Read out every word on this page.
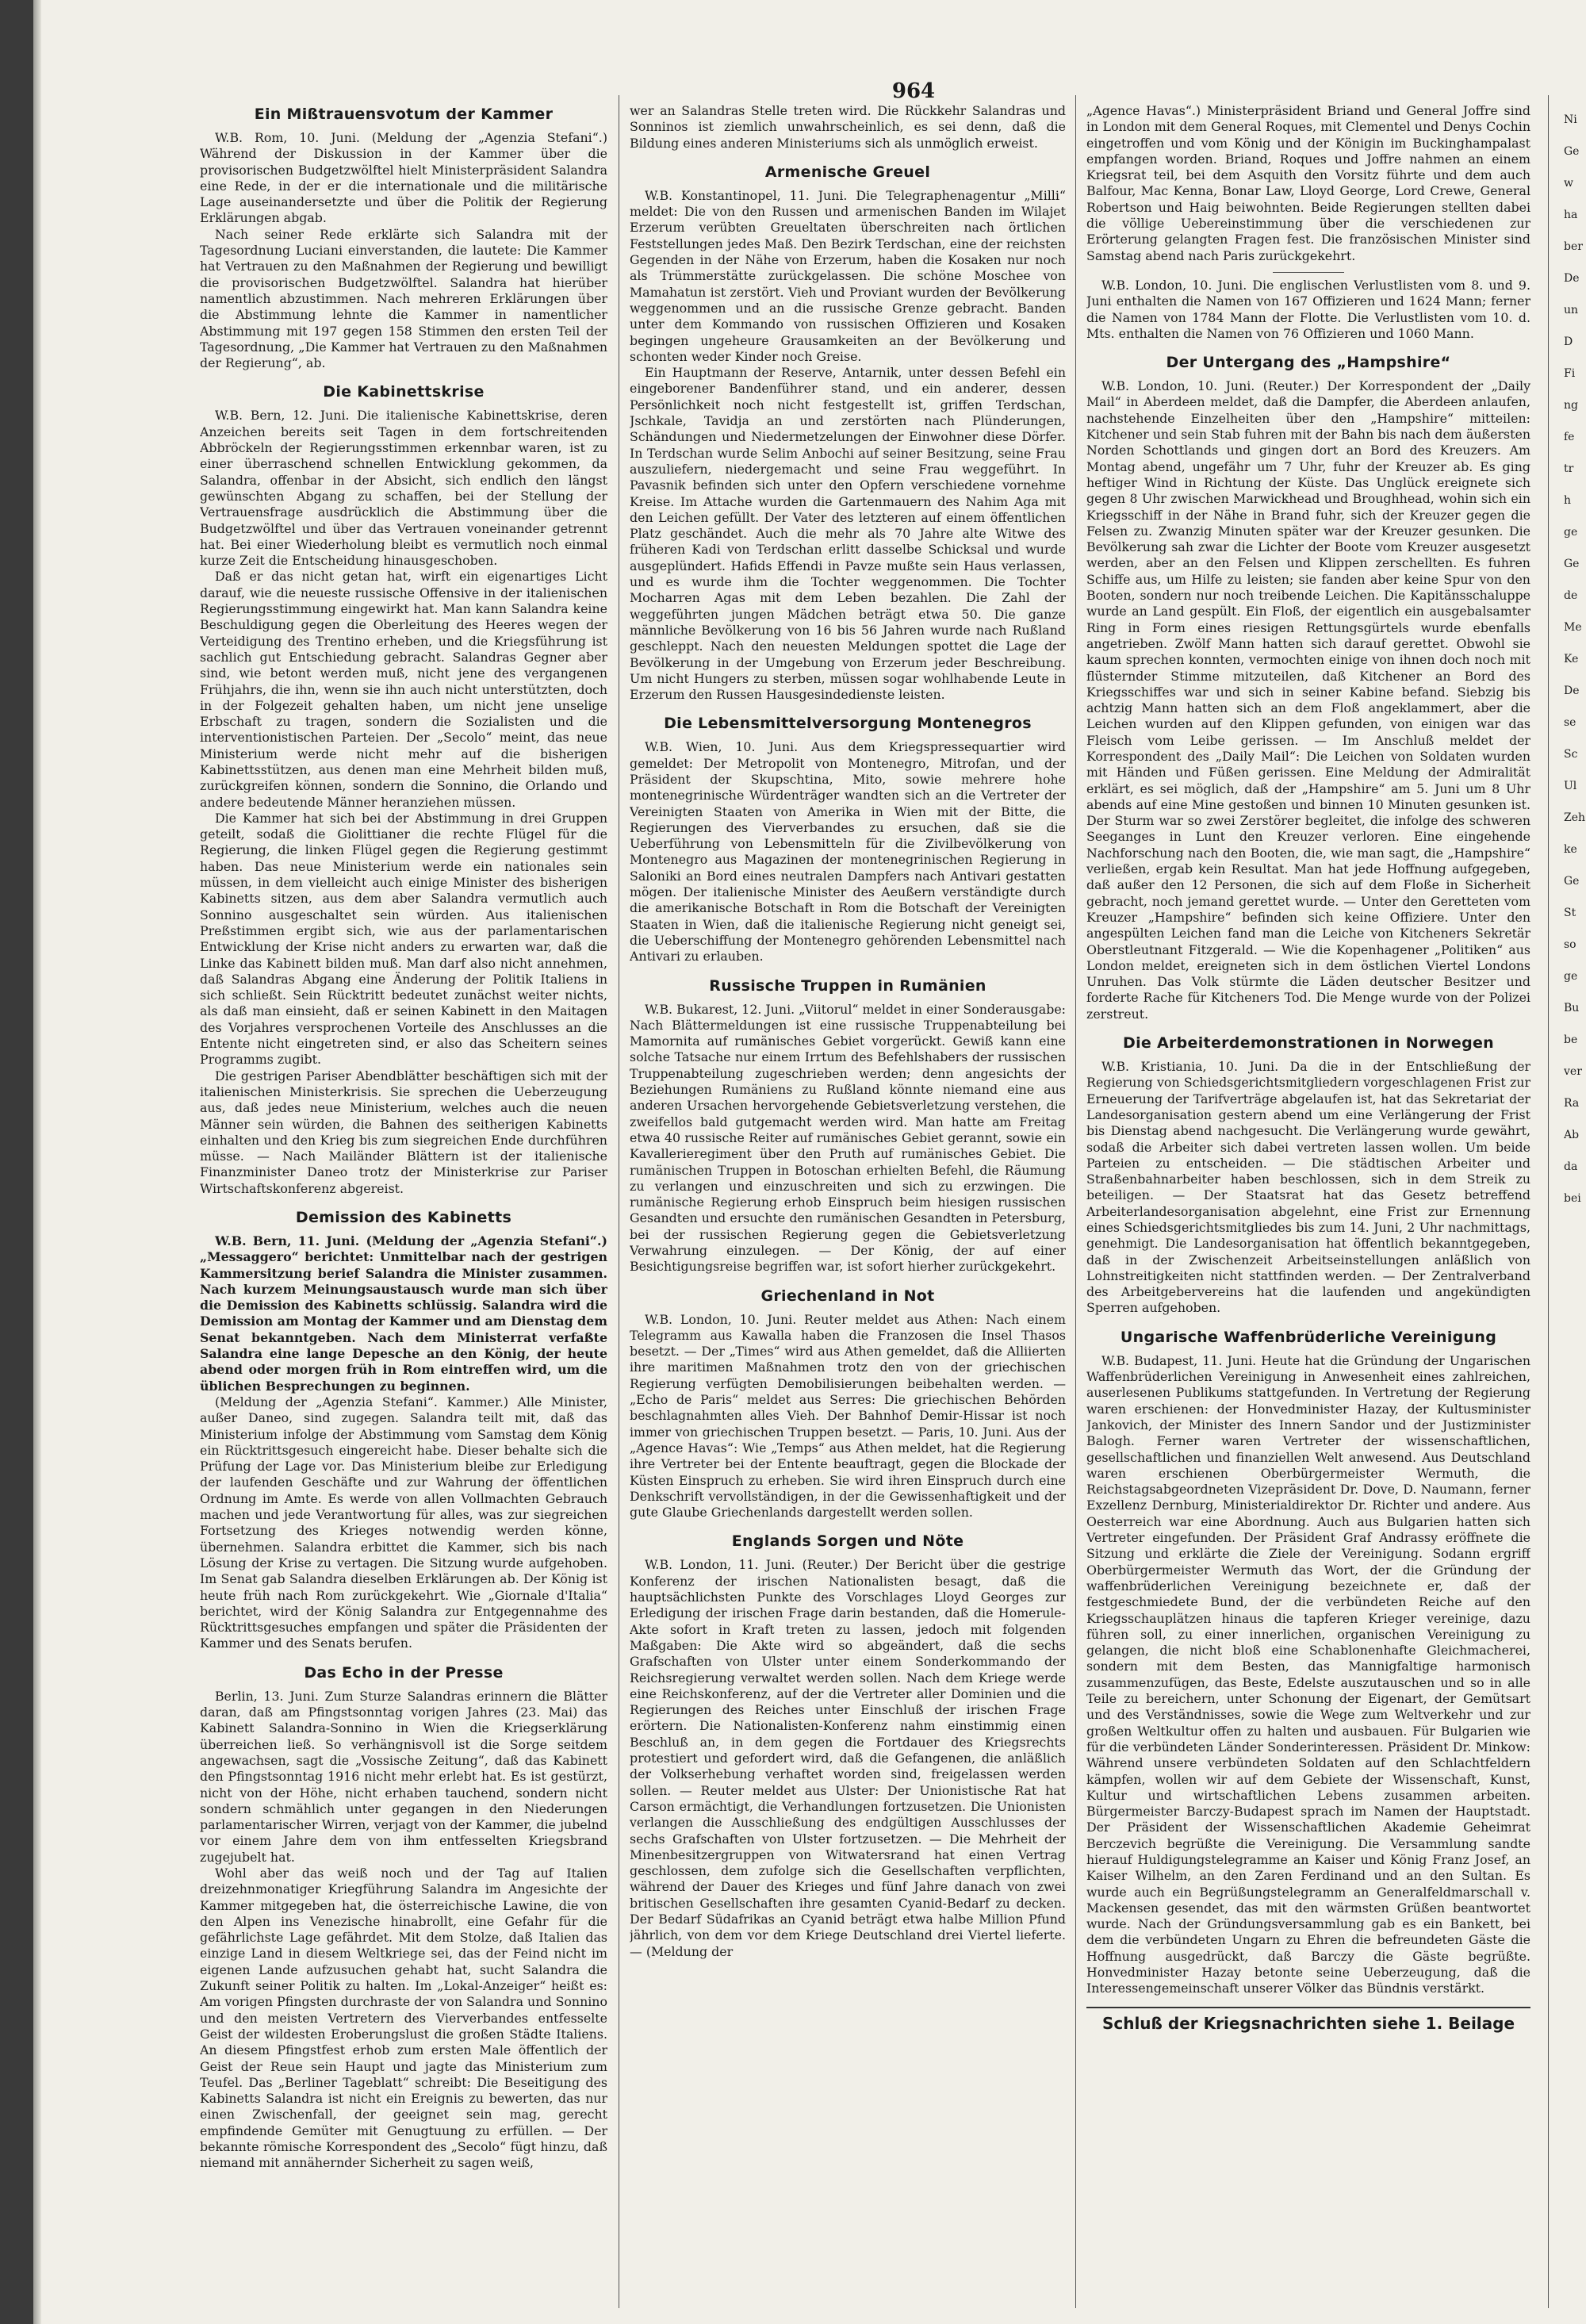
964
Ein Mißtrauensvotum der Kammer

W.B. Rom, 10. Juni. (Meldung der „Agenzia Stefani“.) Während der Diskussion in der Kammer über die provisorischen Budgetzwölftel hielt Ministerpräsident Salandra eine Rede, in der er die internationale und die militärische Lage auseinandersetzte und über die Politik der Regierung Erklärungen abgab.

Nach seiner Rede erklärte sich Salandra mit der Tagesordnung Luciani einverstanden, die lautete: Die Kammer hat Vertrauen zu den Maßnahmen der Regierung und bewilligt die provisorischen Budgetzwölftel. Salandra hat hierüber namentlich abzustimmen. Nach mehreren Erklärungen über die Abstimmung lehnte die Kammer in namentlicher Abstimmung mit 197 gegen 158 Stimmen den ersten Teil der Tagesordnung, „Die Kammer hat Vertrauen zu den Maßnahmen der Regierung“, ab.

Die Kabinettskrise

W.B. Bern, 12. Juni. Die italienische Kabinettskrise, deren Anzeichen bereits seit Tagen in dem fortschreitenden Abbröckeln der Regierungsstimmen erkennbar waren, ist zu einer überraschend schnellen Entwicklung gekommen, da Salandra, offenbar in der Absicht, sich endlich den längst gewünschten Abgang zu schaffen, bei der Stellung der Vertrauensfrage ausdrücklich die Abstimmung über die Budgetzwölftel und über das Vertrauen voneinander getrennt hat. Bei einer Wiederholung bleibt es vermutlich noch einmal kurze Zeit die Entscheidung hinausgeschoben.

Daß er das nicht getan hat, wirft ein eigenartiges Licht darauf, wie die neueste russische Offensive in der italienischen Regierungsstimmung eingewirkt hat. Man kann Salandra keine Beschuldigung gegen die Oberleitung des Heeres wegen der Verteidigung des Trentino erheben, und die Kriegsführung ist sachlich gut Entschiedung gebracht. Salandras Gegner aber sind, wie betont werden muß, nicht jene des vergangenen Frühjahrs, die ihn, wenn sie ihn auch nicht unterstützten, doch in der Folgezeit gehalten haben, um nicht jene unselige Erbschaft zu tragen, sondern die Sozialisten und die interventionistischen Parteien. Der „Secolo“ meint, das neue Ministerium werde nicht mehr auf die bisherigen Kabinettsstützen, aus denen man eine Mehrheit bilden muß, zurückgreifen können, sondern die Sonnino, die Orlando und andere bedeutende Männer heranziehen müssen.

Die Kammer hat sich bei der Abstimmung in drei Gruppen geteilt, sodaß die Giolittianer die rechte Flügel für die Regierung, die linken Flügel gegen die Regierung gestimmt haben. Das neue Ministerium werde ein nationales sein müssen, in dem vielleicht auch einige Minister des bisherigen Kabinetts sitzen, aus dem aber Salandra vermutlich auch Sonnino ausgeschaltet sein würden. Aus italienischen Preßstimmen ergibt sich, wie aus der parlamentarischen Entwicklung der Krise nicht anders zu erwarten war, daß die Linke das Kabinett bilden muß. Man darf also nicht annehmen, daß Salandras Abgang eine Änderung der Politik Italiens in sich schließt. Sein Rücktritt bedeutet zunächst weiter nichts, als daß man einsieht, daß er seinen Kabinett in den Maitagen des Vorjahres versprochenen Vorteile des Anschlusses an die Entente nicht eingetreten sind, er also das Scheitern seines Programms zugibt.

Die gestrigen Pariser Abendblätter beschäftigen sich mit der italienischen Ministerkrisis. Sie sprechen die Ueberzeugung aus, daß jedes neue Ministerium, welches auch die neuen Männer sein würden, die Bahnen des seitherigen Kabinetts einhalten und den Krieg bis zum siegreichen Ende durchführen müsse. — Nach Mailänder Blättern ist der italienische Finanzminister Daneo trotz der Ministerkrise zur Pariser Wirtschaftskonferenz abgereist.

Demission des Kabinetts

W.B. Bern, 11. Juni. (Meldung der „Agenzia Stefani“.) „Messaggero“ berichtet: Unmittelbar nach der gestrigen Kammersitzung berief Salandra die Minister zusammen. Nach kurzem Meinungsaustausch wurde man sich über die Demission des Kabinetts schlüssig. Salandra wird die Demission am Montag der Kammer und am Dienstag dem Senat bekanntgeben. Nach dem Ministerrat verfaßte Salandra eine lange Depesche an den König, der heute abend oder morgen früh in Rom eintreffen wird, um die üblichen Besprechungen zu beginnen.

(Meldung der „Agenzia Stefani“. Kammer.) Alle Minister, außer Daneo, sind zugegen. Salandra teilt mit, daß das Ministerium infolge der Abstimmung vom Samstag dem König ein Rücktrittsgesuch eingereicht habe. Dieser behalte sich die Prüfung der Lage vor. Das Ministerium bleibe zur Erledigung der laufenden Geschäfte und zur Wahrung der öffentlichen Ordnung im Amte. Es werde von allen Vollmachten Gebrauch machen und jede Verantwortung für alles, was zur siegreichen Fortsetzung des Krieges notwendig werden könne, übernehmen. Salandra erbittet die Kammer, sich bis nach Lösung der Krise zu vertagen. Die Sitzung wurde aufgehoben. Im Senat gab Salandra dieselben Erklärungen ab. Der König ist heute früh nach Rom zurückgekehrt. Wie „Giornale d'Italia“ berichtet, wird der König Salandra zur Entgegennahme des Rücktrittsgesuches empfangen und später die Präsidenten der Kammer und des Senats berufen.

Das Echo in der Presse

Berlin, 13. Juni. Zum Sturze Salandras erinnern die Blätter daran, daß am Pfingstsonntag vorigen Jahres (23. Mai) das Kabinett Salandra-Sonnino in Wien die Kriegserklärung überreichen ließ. So verhängnisvoll ist die Sorge seitdem angewachsen, sagt die „Vossische Zeitung“, daß das Kabinett den Pfingstsonntag 1916 nicht mehr erlebt hat. Es ist gestürzt, nicht von der Höhe, nicht erhaben tauchend, sondern nicht sondern schmählich unter gegangen in den Niederungen parlamentarischer Wirren, verjagt von der Kammer, die jubelnd vor einem Jahre dem von ihm entfesselten Kriegsbrand zugejubelt hat.

Wohl aber das weiß noch und der Tag auf Italien dreizehnmonatiger Kriegführung Salandra im Angesichte der Kammer mitgegeben hat, die österreichische Lawine, die von den Alpen ins Venezische hinabrollt, eine Gefahr für die gefährlichste Lage gefährdet. Mit dem Stolze, daß Italien das einzige Land in diesem Weltkriege sei, das der Feind nicht im eigenen Lande aufzusuchen gehabt hat, sucht Salandra die Zukunft seiner Politik zu halten. Im „Lokal-Anzeiger“ heißt es: Am vorigen Pfingsten durchraste der von Salandra und Sonnino und den meisten Vertretern des Vierverbandes entfesselte Geist der wildesten Eroberungslust die großen Städte Italiens. An diesem Pfingstfest erhob zum ersten Male öffentlich der Geist der Reue sein Haupt und jagte das Ministerium zum Teufel. Das „Berliner Tageblatt“ schreibt: Die Beseitigung des Kabinetts Salandra ist nicht ein Ereignis zu bewerten, das nur einen Zwischenfall, der geeignet sein mag, gerecht empfindende Gemüter mit Genugtuung zu erfüllen. — Der bekannte römische Korrespondent des „Secolo“ fügt hinzu, daß niemand mit annähernder Sicherheit zu sagen weiß,

wer an Salandras Stelle treten wird. Die Rückkehr Salandras und Sonninos ist ziemlich unwahrscheinlich, es sei denn, daß die Bildung eines anderen Ministeriums sich als unmöglich erweist.

Armenische Greuel

W.B. Konstantinopel, 11. Juni. Die Telegraphenagentur „Milli“ meldet: Die von den Russen und armenischen Banden im Wilajet Erzerum verübten Greueltaten überschreiten nach örtlichen Feststellungen jedes Maß. Den Bezirk Terdschan, eine der reichsten Gegenden in der Nähe von Erzerum, haben die Kosaken nur noch als Trümmerstätte zurückgelassen. Die schöne Moschee von Mamahatun ist zerstört. Vieh und Proviant wurden der Bevölkerung weggenommen und an die russische Grenze gebracht. Banden unter dem Kommando von russischen Offizieren und Kosaken begingen ungeheure Grausamkeiten an der Bevölkerung und schonten weder Kinder noch Greise.

Ein Hauptmann der Reserve, Antarnik, unter dessen Befehl ein eingeborener Bandenführer stand, und ein anderer, dessen Persönlichkeit noch nicht festgestellt ist, griffen Terdschan, Jschkale, Tavidja an und zerstörten nach Plünderungen, Schändungen und Niedermetzelungen der Einwohner diese Dörfer. In Terdschan wurde Selim Anbochi auf seiner Besitzung, seine Frau auszuliefern, niedergemacht und seine Frau weggeführt. In Pavasnik befinden sich unter den Opfern verschiedene vornehme Kreise. Im Attache wurden die Gartenmauern des Nahim Aga mit den Leichen gefüllt. Der Vater des letzteren auf einem öffentlichen Platz geschändet. Auch die mehr als 70 Jahre alte Witwe des früheren Kadi von Terdschan erlitt dasselbe Schicksal und wurde ausgeplündert. Hafids Effendi in Pavze mußte sein Haus verlassen, und es wurde ihm die Tochter weggenommen. Die Tochter Mocharren Agas mit dem Leben bezahlen. Die Zahl der weggeführten jungen Mädchen beträgt etwa 50. Die ganze männliche Bevölkerung von 16 bis 56 Jahren wurde nach Rußland geschleppt. Nach den neuesten Meldungen spottet die Lage der Bevölkerung in der Umgebung von Erzerum jeder Beschreibung. Um nicht Hungers zu sterben, müssen sogar wohlhabende Leute in Erzerum den Russen Hausgesindedienste leisten.

Die Lebensmittelversorgung Montenegros

W.B. Wien, 10. Juni. Aus dem Kriegspressequartier wird gemeldet: Der Metropolit von Montenegro, Mitrofan, und der Präsident der Skupschtina, Mito, sowie mehrere hohe montenegrinische Würdenträger wandten sich an die Vertreter der Vereinigten Staaten von Amerika in Wien mit der Bitte, die Regierungen des Vierverbandes zu ersuchen, daß sie die Ueberführung von Lebensmitteln für die Zivilbevölkerung von Montenegro aus Magazinen der montenegrinischen Regierung in Saloniki an Bord eines neutralen Dampfers nach Antivari gestatten mögen. Der italienische Minister des Aeußern verständigte durch die amerikanische Botschaft in Rom die Botschaft der Vereinigten Staaten in Wien, daß die italienische Regierung nicht geneigt sei, die Ueberschiffung der Montenegro gehörenden Lebensmittel nach Antivari zu erlauben.

Russische Truppen in Rumänien

W.B. Bukarest, 12. Juni. „Viitorul“ meldet in einer Sonderausgabe: Nach Blättermeldungen ist eine russische Truppenabteilung bei Mamornita auf rumänisches Gebiet vorgerückt. Gewiß kann eine solche Tatsache nur einem Irrtum des Befehlshabers der russischen Truppenabteilung zugeschrieben werden; denn angesichts der Beziehungen Rumäniens zu Rußland könnte niemand eine aus anderen Ursachen hervorgehende Gebietsverletzung verstehen, die zweifellos bald gutgemacht werden wird. Man hatte am Freitag etwa 40 russische Reiter auf rumänisches Gebiet gerannt, sowie ein Kavallerieregiment über den Pruth auf rumänisches Gebiet. Die rumänischen Truppen in Botoschan erhielten Befehl, die Räumung zu verlangen und einzuschreiten und sich zu erzwingen. Die rumänische Regierung erhob Einspruch beim hiesigen russischen Gesandten und ersuchte den rumänischen Gesandten in Petersburg, bei der russischen Regierung gegen die Gebietsverletzung Verwahrung einzulegen. — Der König, der auf einer Besichtigungsreise begriffen war, ist sofort hierher zurückgekehrt.

Griechenland in Not

W.B. London, 10. Juni. Reuter meldet aus Athen: Nach einem Telegramm aus Kawalla haben die Franzosen die Insel Thasos besetzt. — Der „Times“ wird aus Athen gemeldet, daß die Alliierten ihre maritimen Maßnahmen trotz den von der griechischen Regierung verfügten Demobilisierungen beibehalten werden. — „Echo de Paris“ meldet aus Serres: Die griechischen Behörden beschlagnahmten alles Vieh. Der Bahnhof Demir-Hissar ist noch immer von griechischen Truppen besetzt. — Paris, 10. Juni. Aus der „Agence Havas“: Wie „Temps“ aus Athen meldet, hat die Regierung ihre Vertreter bei der Entente beauftragt, gegen die Blockade der Küsten Einspruch zu erheben. Sie wird ihren Einspruch durch eine Denkschrift vervollständigen, in der die Gewissenhaftigkeit und der gute Glaube Griechenlands dargestellt werden sollen.

Englands Sorgen und Nöte

W.B. London, 11. Juni. (Reuter.) Der Bericht über die gestrige Konferenz der irischen Nationalisten besagt, daß die hauptsächlichsten Punkte des Vorschlages Lloyd Georges zur Erledigung der irischen Frage darin bestanden, daß die Homerule-Akte sofort in Kraft treten zu lassen, jedoch mit folgenden Maßgaben: Die Akte wird so abgeändert, daß die sechs Grafschaften von Ulster unter einem Sonderkommando der Reichsregierung verwaltet werden sollen. Nach dem Kriege werde eine Reichskonferenz, auf der die Vertreter aller Dominien und die Regierungen des Reiches unter Einschluß der irischen Frage erörtern. Die Nationalisten-Konferenz nahm einstimmig einen Beschluß an, in dem gegen die Fortdauer des Kriegsrechts protestiert und gefordert wird, daß die Gefangenen, die anläßlich der Volkserhebung verhaftet worden sind, freigelassen werden sollen. — Reuter meldet aus Ulster: Der Unionistische Rat hat Carson ermächtigt, die Verhandlungen fortzusetzen. Die Unionisten verlangen die Ausschließung des endgültigen Ausschlusses der sechs Grafschaften von Ulster fortzusetzen. — Die Mehrheit der Minenbesitzergruppen von Witwatersrand hat einen Vertrag geschlossen, dem zufolge sich die Gesellschaften verpflichten, während der Dauer des Krieges und fünf Jahre danach von zwei britischen Gesellschaften ihre gesamten Cyanid-Bedarf zu decken. Der Bedarf Südafrikas an Cyanid beträgt etwa halbe Million Pfund jährlich, von dem vor dem Kriege Deutschland drei Viertel lieferte. — (Meldung der

„Agence Havas“.) Ministerpräsident Briand und General Joffre sind in London mit dem General Roques, mit Clementel und Denys Cochin eingetroffen und vom König und der Königin im Buckinghampalast empfangen worden. Briand, Roques und Joffre nahmen an einem Kriegsrat teil, bei dem Asquith den Vorsitz führte und dem auch Balfour, Mac Kenna, Bonar Law, Lloyd George, Lord Crewe, General Robertson und Haig beiwohnten. Beide Regierungen stellten dabei die völlige Uebereinstimmung über die verschiedenen zur Erörterung gelangten Fragen fest. Die französischen Minister sind Samstag abend nach Paris zurückgekehrt.

W.B. London, 10. Juni. Die englischen Verlustlisten vom 8. und 9. Juni enthalten die Namen von 167 Offizieren und 1624 Mann; ferner die Namen von 1784 Mann der Flotte. Die Verlustlisten vom 10. d. Mts. enthalten die Namen von 76 Offizieren und 1060 Mann.

Der Untergang des „Hampshire“

W.B. London, 10. Juni. (Reuter.) Der Korrespondent der „Daily Mail“ in Aberdeen meldet, daß die Dampfer, die Aberdeen anlaufen, nachstehende Einzelheiten über den „Hampshire“ mitteilen: Kitchener und sein Stab fuhren mit der Bahn bis nach dem äußersten Norden Schottlands und gingen dort an Bord des Kreuzers. Am Montag abend, ungefähr um 7 Uhr, fuhr der Kreuzer ab. Es ging heftiger Wind in Richtung der Küste. Das Unglück ereignete sich gegen 8 Uhr zwischen Marwickhead und Broughhead, wohin sich ein Kriegsschiff in der Nähe in Brand fuhr, sich der Kreuzer gegen die Felsen zu. Zwanzig Minuten später war der Kreuzer gesunken. Die Bevölkerung sah zwar die Lichter der Boote vom Kreuzer ausgesetzt werden, aber an den Felsen und Klippen zerschellten. Es fuhren Schiffe aus, um Hilfe zu leisten; sie fanden aber keine Spur von den Booten, sondern nur noch treibende Leichen. Die Kapitänsschaluppe wurde an Land gespült. Ein Floß, der eigentlich ein ausgebalsamter Ring in Form eines riesigen Rettungsgürtels wurde ebenfalls angetrieben. Zwölf Mann hatten sich darauf gerettet. Obwohl sie kaum sprechen konnten, vermochten einige von ihnen doch noch mit flüsternder Stimme mitzuteilen, daß Kitchener an Bord des Kriegsschiffes war und sich in seiner Kabine befand. Siebzig bis achtzig Mann hatten sich an dem Floß angeklammert, aber die Leichen wurden auf den Klippen gefunden, von einigen war das Fleisch vom Leibe gerissen. — Im Anschluß meldet der Korrespondent des „Daily Mail“: Die Leichen von Soldaten wurden mit Händen und Füßen gerissen. Eine Meldung der Admiralität erklärt, es sei möglich, daß der „Hampshire“ am 5. Juni um 8 Uhr abends auf eine Mine gestoßen und binnen 10 Minuten gesunken ist. Der Sturm war so zwei Zerstörer begleitet, die infolge des schweren Seeganges in Lunt den Kreuzer verloren. Eine eingehende Nachforschung nach den Booten, die, wie man sagt, die „Hampshire“ verließen, ergab kein Resultat. Man hat jede Hoffnung aufgegeben, daß außer den 12 Personen, die sich auf dem Floße in Sicherheit gebracht, noch jemand gerettet wurde. — Unter den Geretteten vom Kreuzer „Hampshire“ befinden sich keine Offiziere. Unter den angespülten Leichen fand man die Leiche von Kitcheners Sekretär Oberstleutnant Fitzgerald. — Wie die Kopenhagener „Politiken“ aus London meldet, ereigneten sich in dem östlichen Viertel Londons Unruhen. Das Volk stürmte die Läden deutscher Besitzer und forderte Rache für Kitcheners Tod. Die Menge wurde von der Polizei zerstreut.

Die Arbeiterdemonstrationen in Norwegen

W.B. Kristiania, 10. Juni. Da die in der Entschließung der Regierung von Schiedsgerichtsmitgliedern vorgeschlagenen Frist zur Erneuerung der Tarifverträge abgelaufen ist, hat das Sekretariat der Landesorganisation gestern abend um eine Verlängerung der Frist bis Dienstag abend nachgesucht. Die Verlängerung wurde gewährt, sodaß die Arbeiter sich dabei vertreten lassen wollen. Um beide Parteien zu entscheiden. — Die städtischen Arbeiter und Straßenbahnarbeiter haben beschlossen, sich in dem Streik zu beteiligen. — Der Staatsrat hat das Gesetz betreffend Arbeiterlandesorganisation abgelehnt, eine Frist zur Ernennung eines Schiedsgerichtsmitgliedes bis zum 14. Juni, 2 Uhr nachmittags, genehmigt. Die Landesorganisation hat öffentlich bekanntgegeben, daß in der Zwischenzeit Arbeitseinstellungen anläßlich von Lohnstreitigkeiten nicht stattfinden werden. — Der Zentralverband des Arbeitgebervereins hat die laufenden und angekündigten Sperren aufgehoben.

Ungarische Waffenbrüderliche Vereinigung

W.B. Budapest, 11. Juni. Heute hat die Gründung der Ungarischen Waffenbrüderlichen Vereinigung in Anwesenheit eines zahlreichen, auserlesenen Publikums stattgefunden. In Vertretung der Regierung waren erschienen: der Honvedminister Hazay, der Kultusminister Jankovich, der Minister des Innern Sandor und der Justizminister Balogh. Ferner waren Vertreter der wissenschaftlichen, gesellschaftlichen und finanziellen Welt anwesend. Aus Deutschland waren erschienen Oberbürgermeister Wermuth, die Reichstagsabgeordneten Vizepräsident Dr. Dove, D. Naumann, ferner Exzellenz Dernburg, Ministerialdirektor Dr. Richter und andere. Aus Oesterreich war eine Abordnung. Auch aus Bulgarien hatten sich Vertreter eingefunden. Der Präsident Graf Andrassy eröffnete die Sitzung und erklärte die Ziele der Vereinigung. Sodann ergriff Oberbürgermeister Wermuth das Wort, der die Gründung der waffenbrüderlichen Vereinigung bezeichnete er, daß der festgeschmiedete Bund, der die verbündeten Reiche auf den Kriegsschauplätzen hinaus die tapferen Krieger vereinige, dazu führen soll, zu einer innerlichen, organischen Vereinigung zu gelangen, die nicht bloß eine Schablonenhafte Gleichmacherei, sondern mit dem Besten, das Mannigfaltige harmonisch zusammenzufügen, das Beste, Edelste auszutauschen und so in alle Teile zu bereichern, unter Schonung der Eigenart, der Gemütsart und des Verständnisses, sowie die Wege zum Weltverkehr und zur großen Weltkultur offen zu halten und ausbauen. Für Bulgarien wie für die verbündeten Länder Sonderinteressen. Präsident Dr. Minkow: Während unsere verbündeten Soldaten auf den Schlachtfeldern kämpfen, wollen wir auf dem Gebiete der Wissenschaft, Kunst, Kultur und wirtschaftlichen Lebens zusammen arbeiten. Bürgermeister Barczy-Budapest sprach im Namen der Hauptstadt. Der Präsident der Wissenschaftlichen Akademie Geheimrat Berczevich begrüßte die Vereinigung. Die Versammlung sandte hierauf Huldigungstelegramme an Kaiser und König Franz Josef, an Kaiser Wilhelm, an den Zaren Ferdinand und an den Sultan. Es wurde auch ein Begrüßungstelegramm an Generalfeldmarschall v. Mackensen gesendet, das mit den wärmsten Grüßen beantwortet wurde. Nach der Gründungsversammlung gab es ein Bankett, bei dem die verbündeten Ungarn zu Ehren die befreundeten Gäste die Hoffnung ausgedrückt, daß Barczy die Gäste begrüßte. Honvedminister Hazay betonte seine Ueberzeugung, daß die Interessengemeinschaft unserer Völker das Bündnis verstärkt.

Schluß der Kriegsnachrichten siehe 1. Beilage
Ni
Ge
w
ha
ber
De
un
D
Fi
ng
fe
tr
h
ge
Ge
de
Me
Ke
De
se
Sc
Ul
Zeh
ke
Ge
St
so
ge
Bu
be
ver
Ra
Ab
da
bei
